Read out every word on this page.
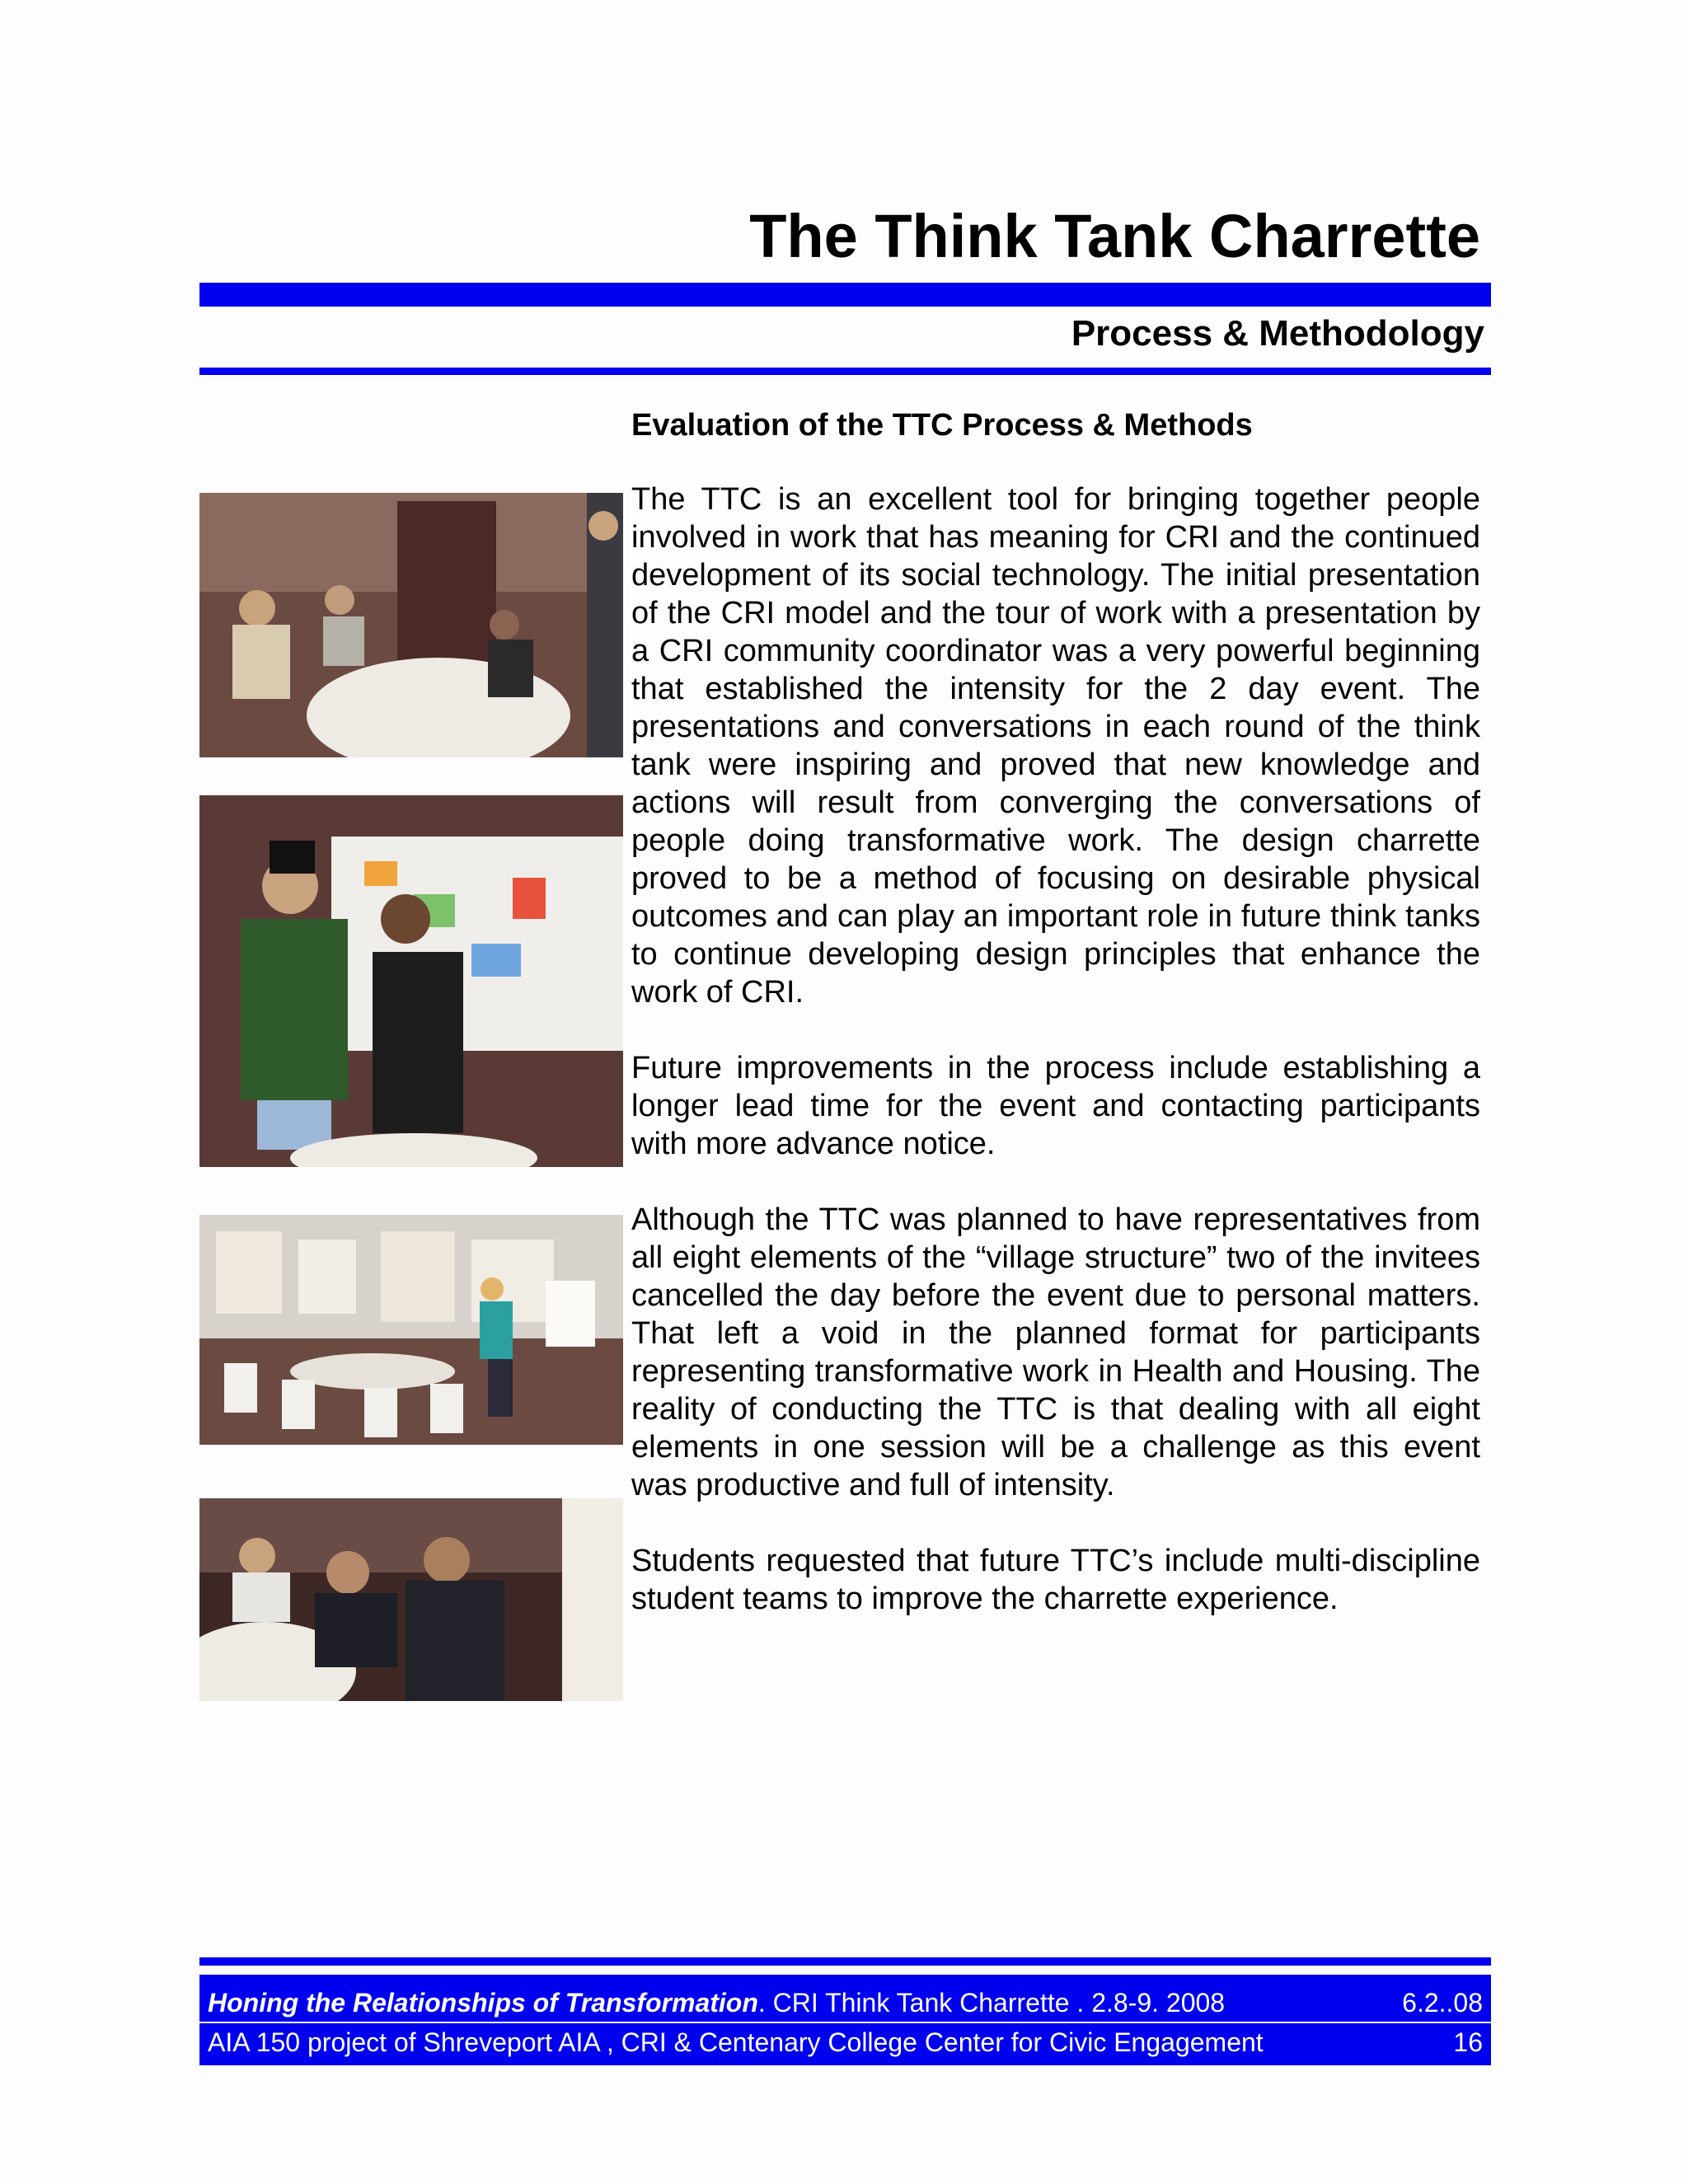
The Think Tank Charrette
Process & Methodology
Evaluation of the TTC Process & Methods

The TTC is an excellent tool for bringing together people involved in work that has meaning for CRI and the continued development of its social technology. The initial presentation of the CRI model and the tour of work with a presentation by a CRI community coordinator was a very powerful beginning that established the intensity for the 2 day event. The presentations and conversations in each round of the think tank were inspiring and proved that new knowledge and actions will result from converging the conversations of people doing transformative work. The design charrette proved to be a method of focusing on desirable physical outcomes and can play an important role in future think tanks to continue developing design principles that enhance the work of CRI.

Future improvements in the process include establishing a longer lead time for the event and contacting participants with more advance notice.

Although the TTC was planned to have representatives from all eight elements of the “village structure” two of the invitees cancelled the day before the event due to personal matters. That left a void in the planned format for participants representing transformative work in Health and Housing. The reality of conducting the TTC is that dealing with all eight elements in one session will be a challenge as this event was productive and full of intensity.

Students requested that future TTC’s include multi-discipline student teams to improve the charrette experience.

Honing the Relationships of Transformation. CRI Think Tank Charrette . 2.8-9. 2008	6.2..08
AIA 150 project of Shreveport AIA , CRI & Centenary College Center for Civic Engagement	16
